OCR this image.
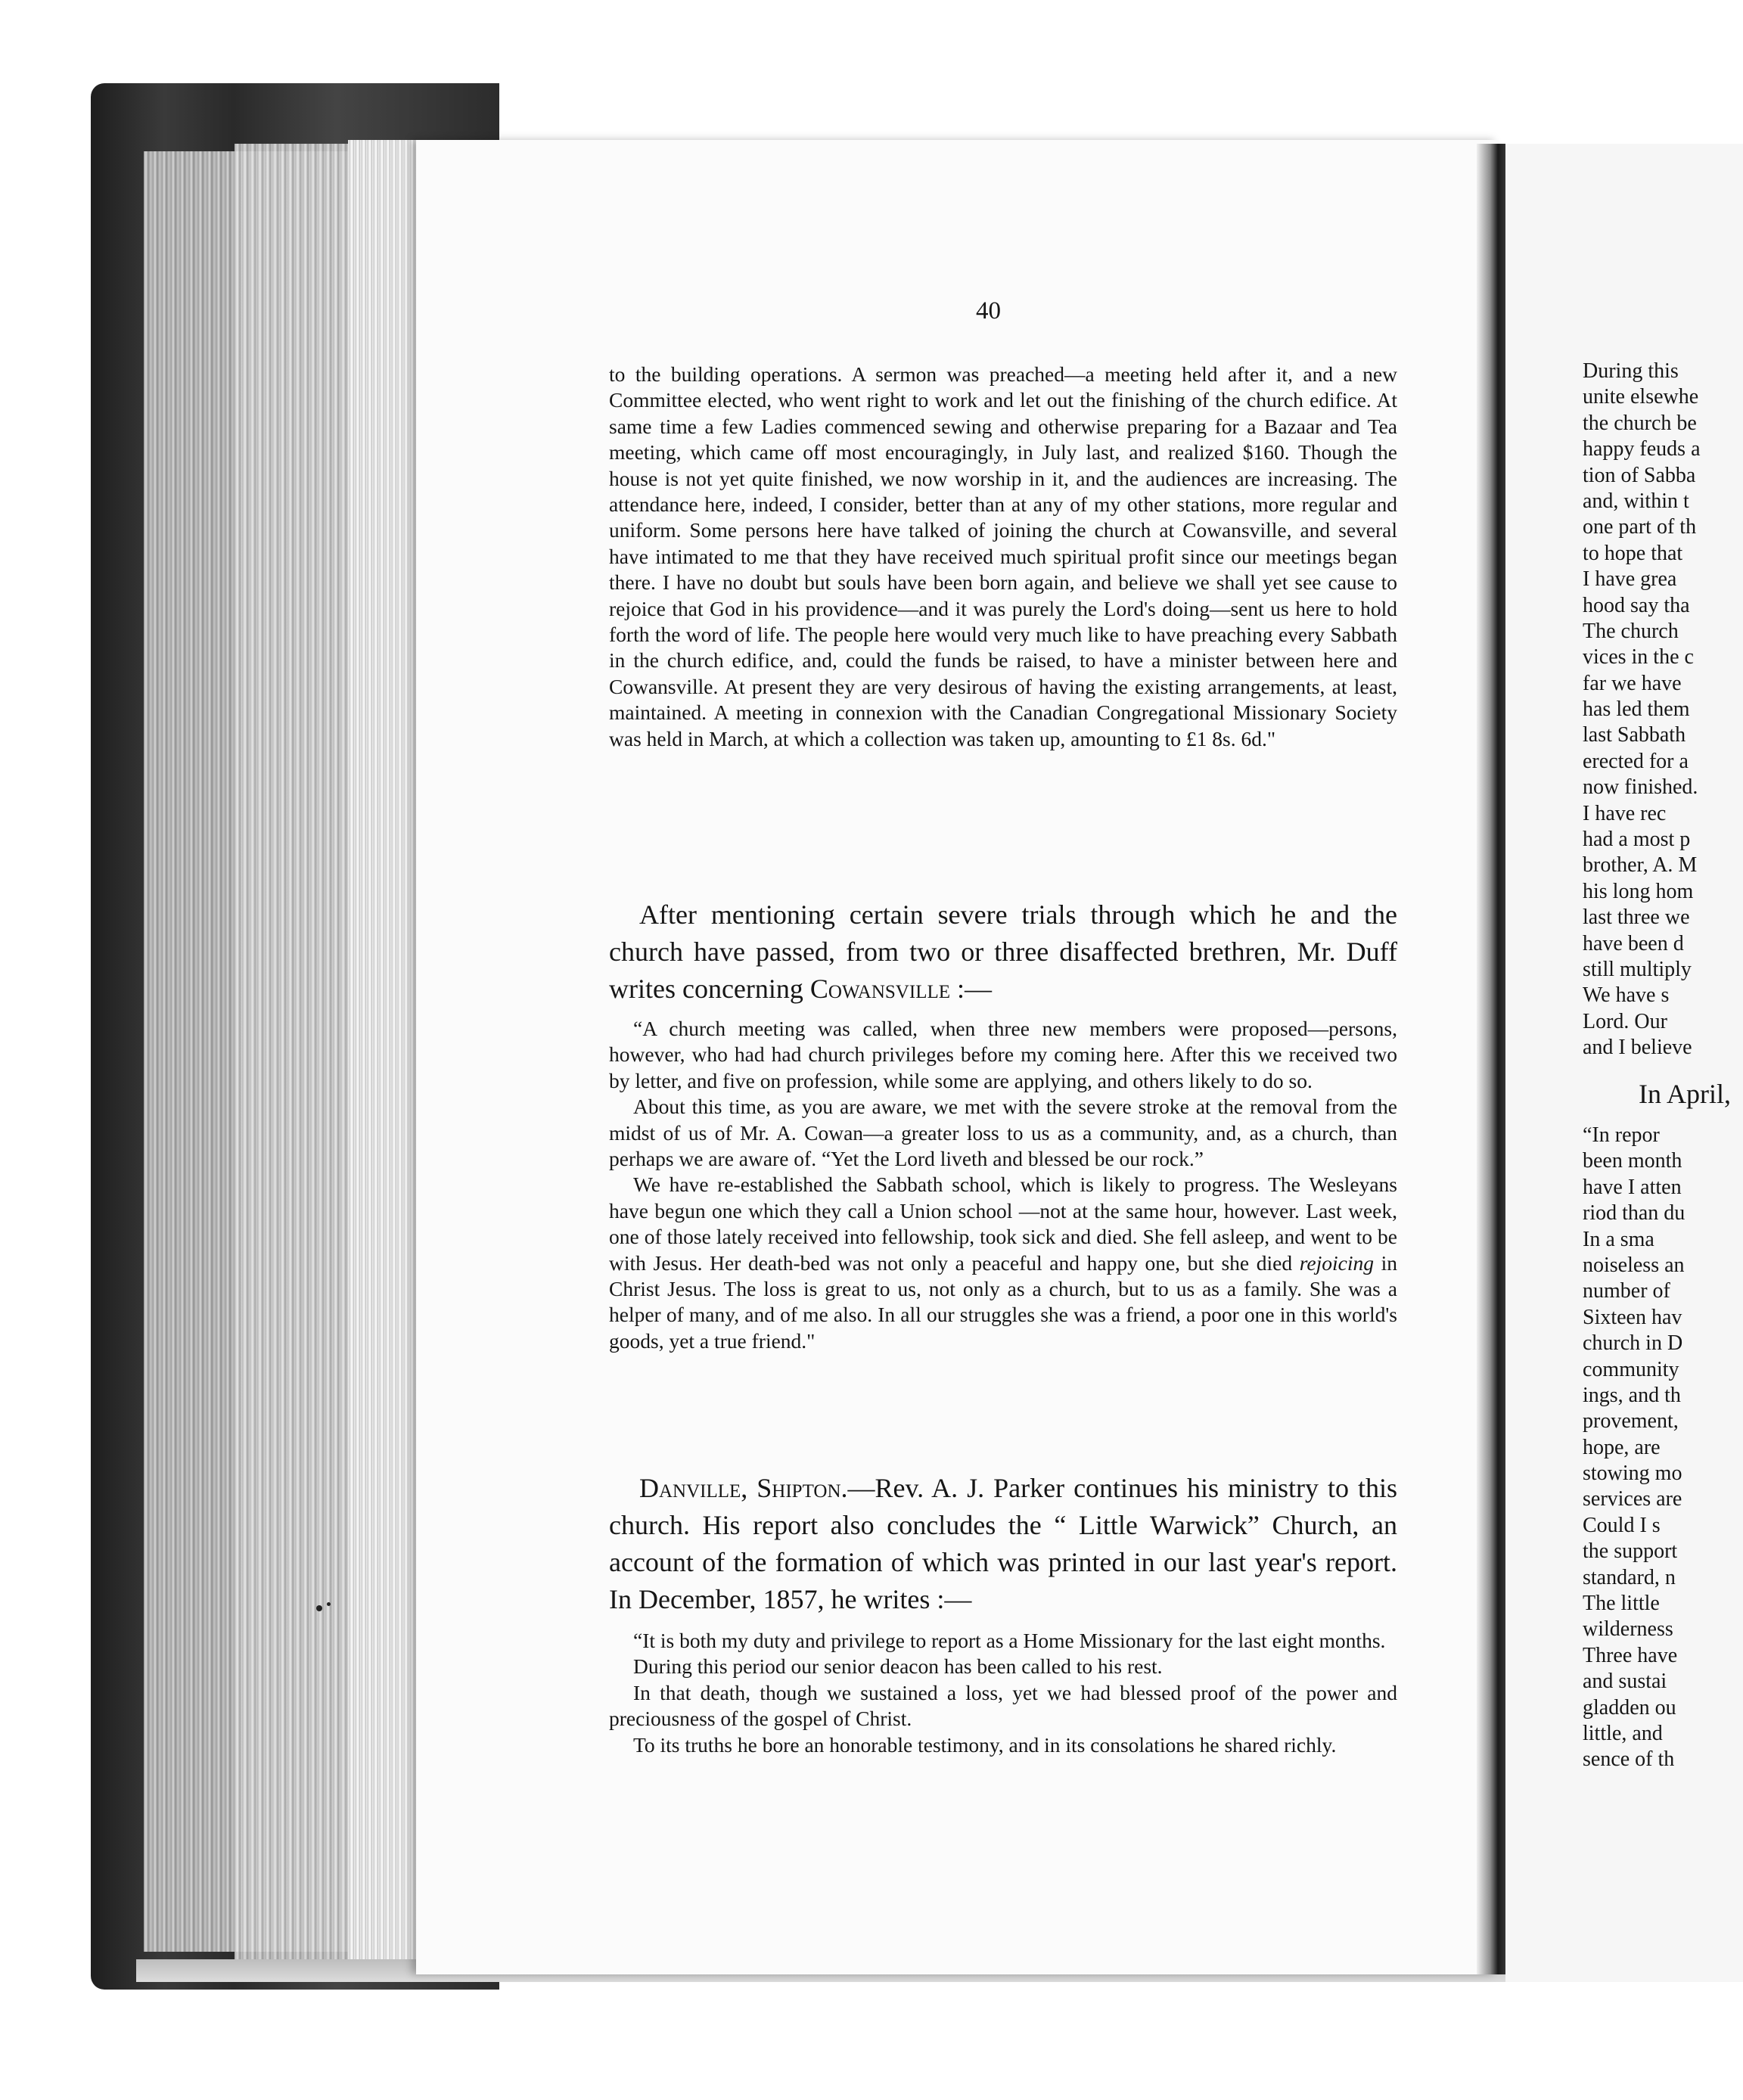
40

to the building operations. A sermon was preached—a meeting held after it, and a new Committee elected, who went right to work and let out the finishing of the church edifice. At same time a few Ladies commenced sewing and otherwise preparing for a Bazaar and Tea meeting, which came off most encouragingly, in July last, and realized $160. Though the house is not yet quite finished, we now worship in it, and the audiences are increasing. The attendance here, indeed, I consider, better than at any of my other stations, more regular and uniform. Some persons here have talked of joining the church at Cowansville, and several have intimated to me that they have received much spiritual profit since our meetings began there. I have no doubt but souls have been born again, and believe we shall yet see cause to rejoice that God in his providence—and it was purely the Lord's doing—sent us here to hold forth the word of life. The people here would very much like to have preaching every Sabbath in the church edifice, and, could the funds be raised, to have a minister between here and Cowansville. At present they are very desirous of having the existing arrangements, at least, maintained. A meeting in connexion with the Canadian Congregational Missionary Society was held in March, at which a collection was taken up, amounting to £1 8s. 6d."

After mentioning certain severe trials through which he and the church have passed, from two or three disaffected brethren, Mr. Duff writes concerning Cowansville :—

“A church meeting was called, when three new members were proposed—persons, however, who had had church privileges before my coming here. After this we received two by letter, and five on profession, while some are applying, and others likely to do so.

About this time, as you are aware, we met with the severe stroke at the removal from the midst of us of Mr. A. Cowan—a greater loss to us as a community, and, as a church, than perhaps we are aware of. “Yet the Lord liveth and blessed be our rock.”

We have re-established the Sabbath school, which is likely to progress. The Wesleyans have begun one which they call a Union school —not at the same hour, however. Last week, one of those lately received into fellowship, took sick and died. She fell asleep, and went to be with Jesus. Her death-bed was not only a peaceful and happy one, but she died rejoicing in Christ Jesus. The loss is great to us, not only as a church, but to us as a family. She was a helper of many, and of me also. In all our struggles she was a friend, a poor one in this world's goods, yet a true friend."

Danville, Shipton.—Rev. A. J. Parker continues his ministry to this church. His report also concludes the “ Little Warwick” Church, an account of the formation of which was printed in our last year's report. In December, 1857, he writes :—

“It is both my duty and privilege to report as a Home Missionary for the last eight months.

During this period our senior deacon has been called to his rest.

In that death, though we sustained a loss, yet we had blessed proof of the power and preciousness of the gospel of Christ.

To its truths he bore an honorable testimony, and in its consolations he shared richly.

During this
unite elsewhe
the church be
happy feuds a
tion of Sabba
and, within t
one part of th
to hope that
I have grea
hood say tha
The church
vices in the c
far we have
has led them
last Sabbath
erected for a
now finished.
I have rec
had a most p
brother, A. M
his long hom
last three we
have been d
still multiply
We have s
Lord. Our
and I believe
In April,
“In repor
been month
have I atten
riod than du
In a sma
noiseless an
number of
Sixteen hav
church in D
community
ings, and th
provement,
hope, are
stowing mo
services are
Could I s
the support
standard, n
The little
wilderness
Three have
and sustai
gladden ou
little, and
sence of th
